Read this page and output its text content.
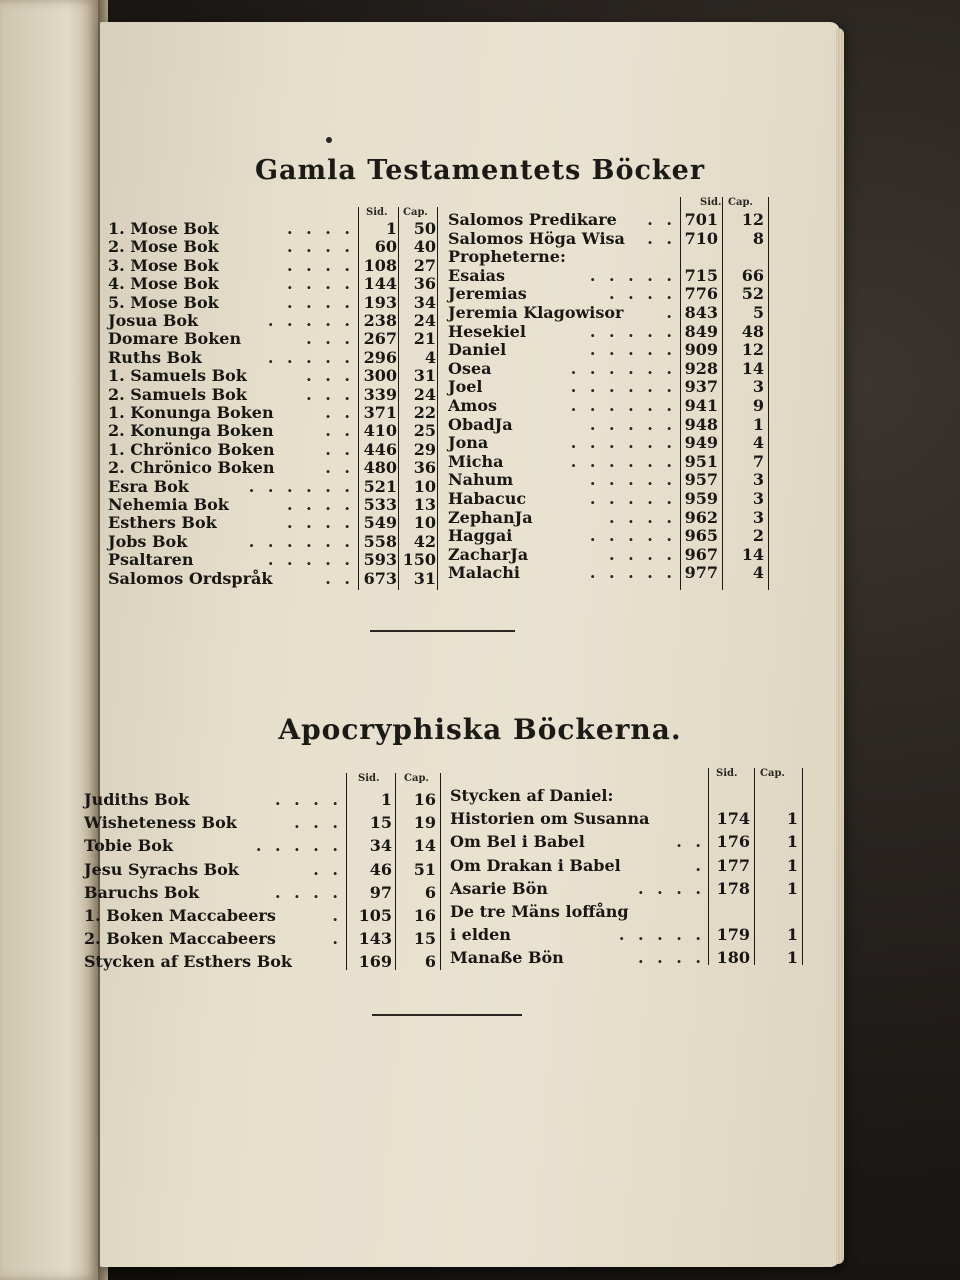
Gamla Testamentets Böcker
Sid. Cap.
Sid. Cap.
1. Mose Bok	. . . . 1 50
2. Mose Bok	. . . . 60 40
3. Mose Bok	. . . . 108 27
4. Mose Bok	. . . . 144 36
5. Mose Bok	. . . . 193 34
Josua Bok	. . . . . 238 24
Domare Boken	. . . 267 21
Ruths Bok	. . . . . 296 4
1. Samuels Bok	. . . 300 31
2. Samuels Bok	. . . 339 24
1. Konunga Boken	. . 371 22
2. Konunga Boken	. . 410 25
1. Chrönico Boken	. . 446 29
2. Chrönico Boken	. . 480 36
Esra Bok	. . . . . . 521 10
Nehemia Bok	. . . . 533 13
Esthers Bok	. . . . 549 10
Jobs Bok	. . . . . . 558 42
Psaltaren	. . . . . 593 150
Salomos Ordspråk	. . 673 31
Salomos Predikare . . 701 12
Salomos Höga Wisa . . 710 8
Propheterne:
Esaias	. . . . . 715 66
Jeremias	. . . . 776 52
Jeremia Klagowisor	. 843 5
Hesekiel	. . . . . 849 48
Daniel	. . . . . 909 12
Osea	. . . . . . 928 14
Joel	. . . . . . 937 3
Amos	. . . . . . 941 9
ObadJa	. . . . . 948 1
Jona	. . . . . . 949 4
Micha	. . . . . . 951 7
Nahum	. . . . . 957 3
Habacuc	. . . . . 959 3
ZephanJa	. . . . 962 3
Haggai	. . . . . 965 2
ZacharJa	. . . . 967 14
Malachi	. . . . . 977 4
Apocryphiska Böckerna.
Sid. Cap.	Sid. Cap.
Judiths Bok	. . . . 1 16
Wisheteness Bok	. . . 15 19
Tobie Bok	. . . . . 34 14
Jesu Syrachs Bok	. . 46 51
Baruchs Bok	. . . . 97 6
1. Boken Maccabeers	. 105 16
2. Boken Maccabeers	. 143 15
Stycken af Esthers Bok	169 6
Stycken af Daniel:
Historien om Susanna	174 1
Om Bel i Babel	. . 176 1
Om Drakan i Babel	. 177 1
Asarie Bön	. . . . 178 1
De tre Mäns loffång
i elden	. . . . . 179 1
Manaße Bön	. . . . 180 1
